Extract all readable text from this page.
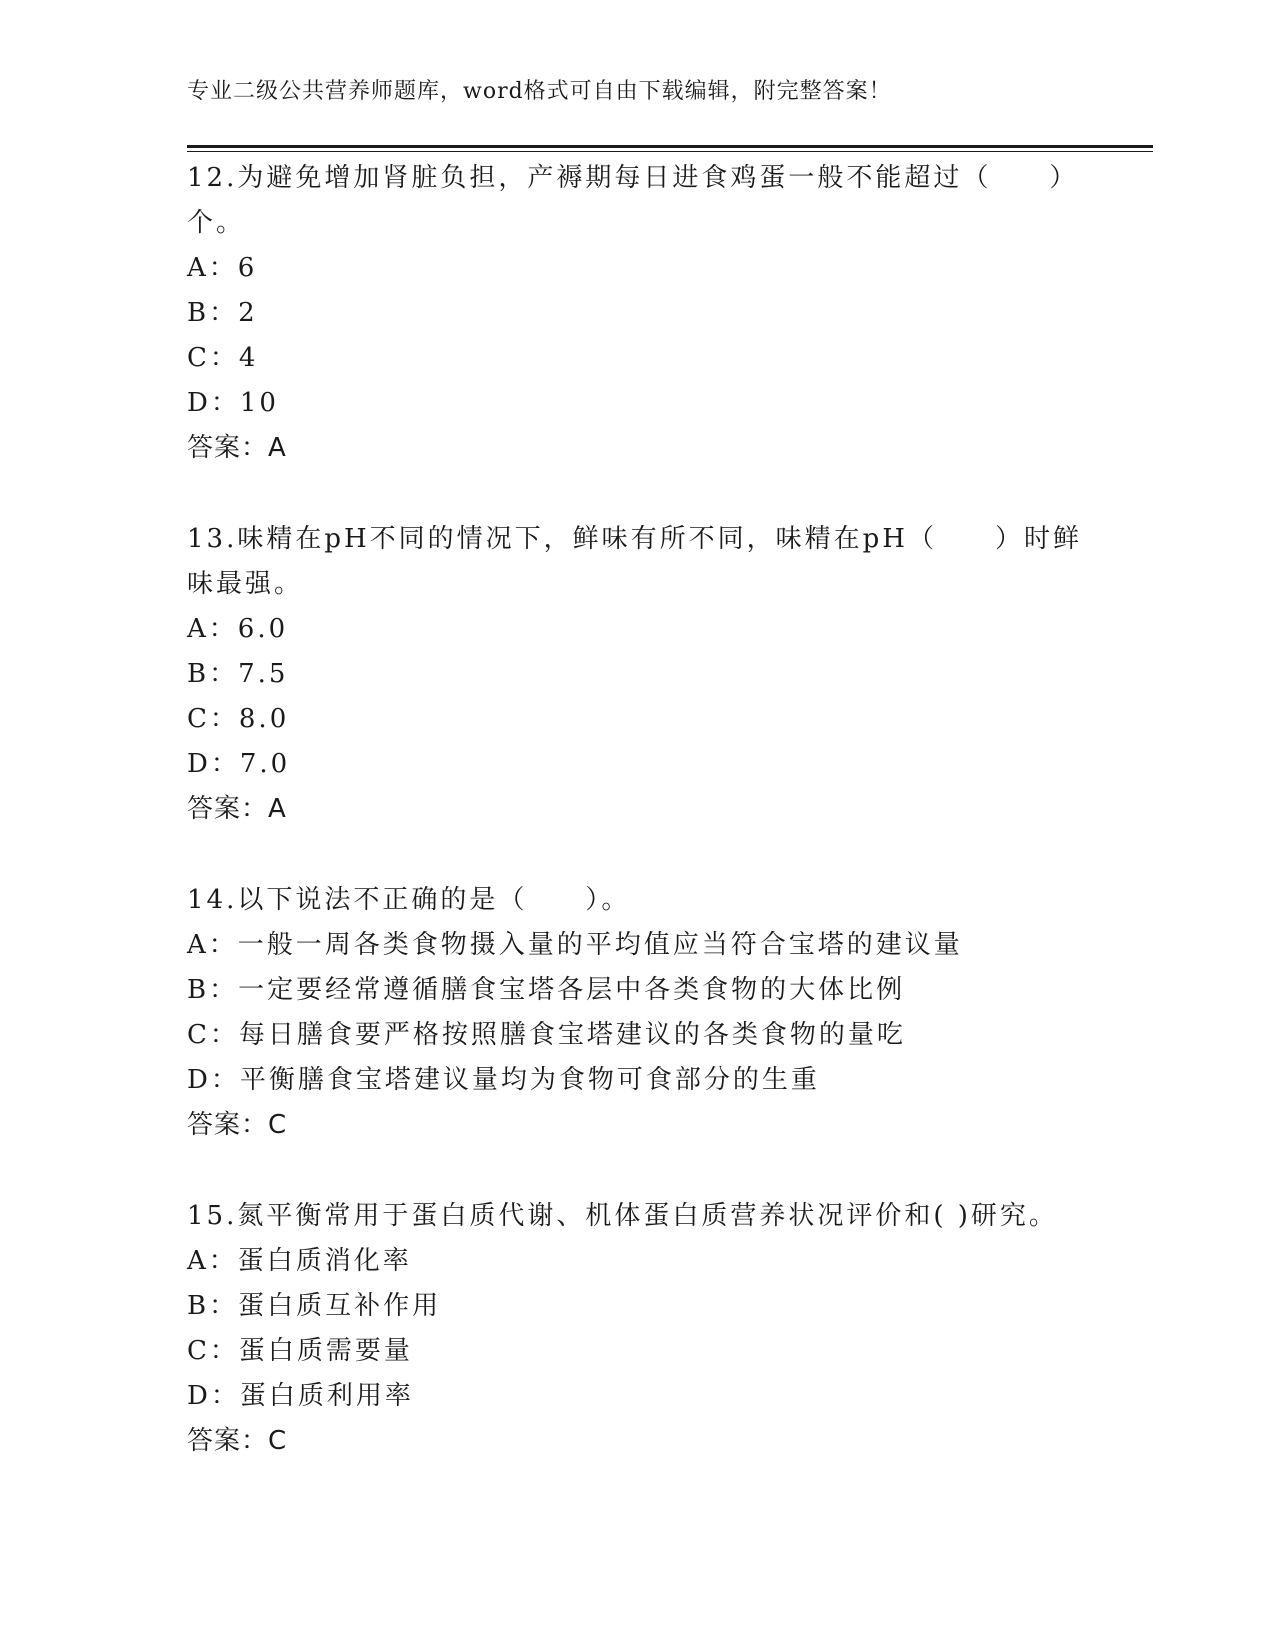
专业二级公共营养师题库，word格式可自由下载编辑，附完整答案！
12.为避免增加肾脏负担，产褥期每日进食鸡蛋一般不能超过（　　）
个。
A：6
B：2
C：4
D：10
答案：A
13.味精在pH不同的情况下，鲜味有所不同，味精在pH（　　）时鲜
味最强。
A：6.0
B：7.5
C：8.0
D：7.0
答案：A
14.以下说法不正确的是（　　）。
A：一般一周各类食物摄入量的平均值应当符合宝塔的建议量
B：一定要经常遵循膳食宝塔各层中各类食物的大体比例
C：每日膳食要严格按照膳食宝塔建议的各类食物的量吃
D：平衡膳食宝塔建议量均为食物可食部分的生重
答案：C
15.氮平衡常用于蛋白质代谢、机体蛋白质营养状况评价和( )研究。
A：蛋白质消化率
B：蛋白质互补作用
C：蛋白质需要量
D：蛋白质利用率
答案：C
